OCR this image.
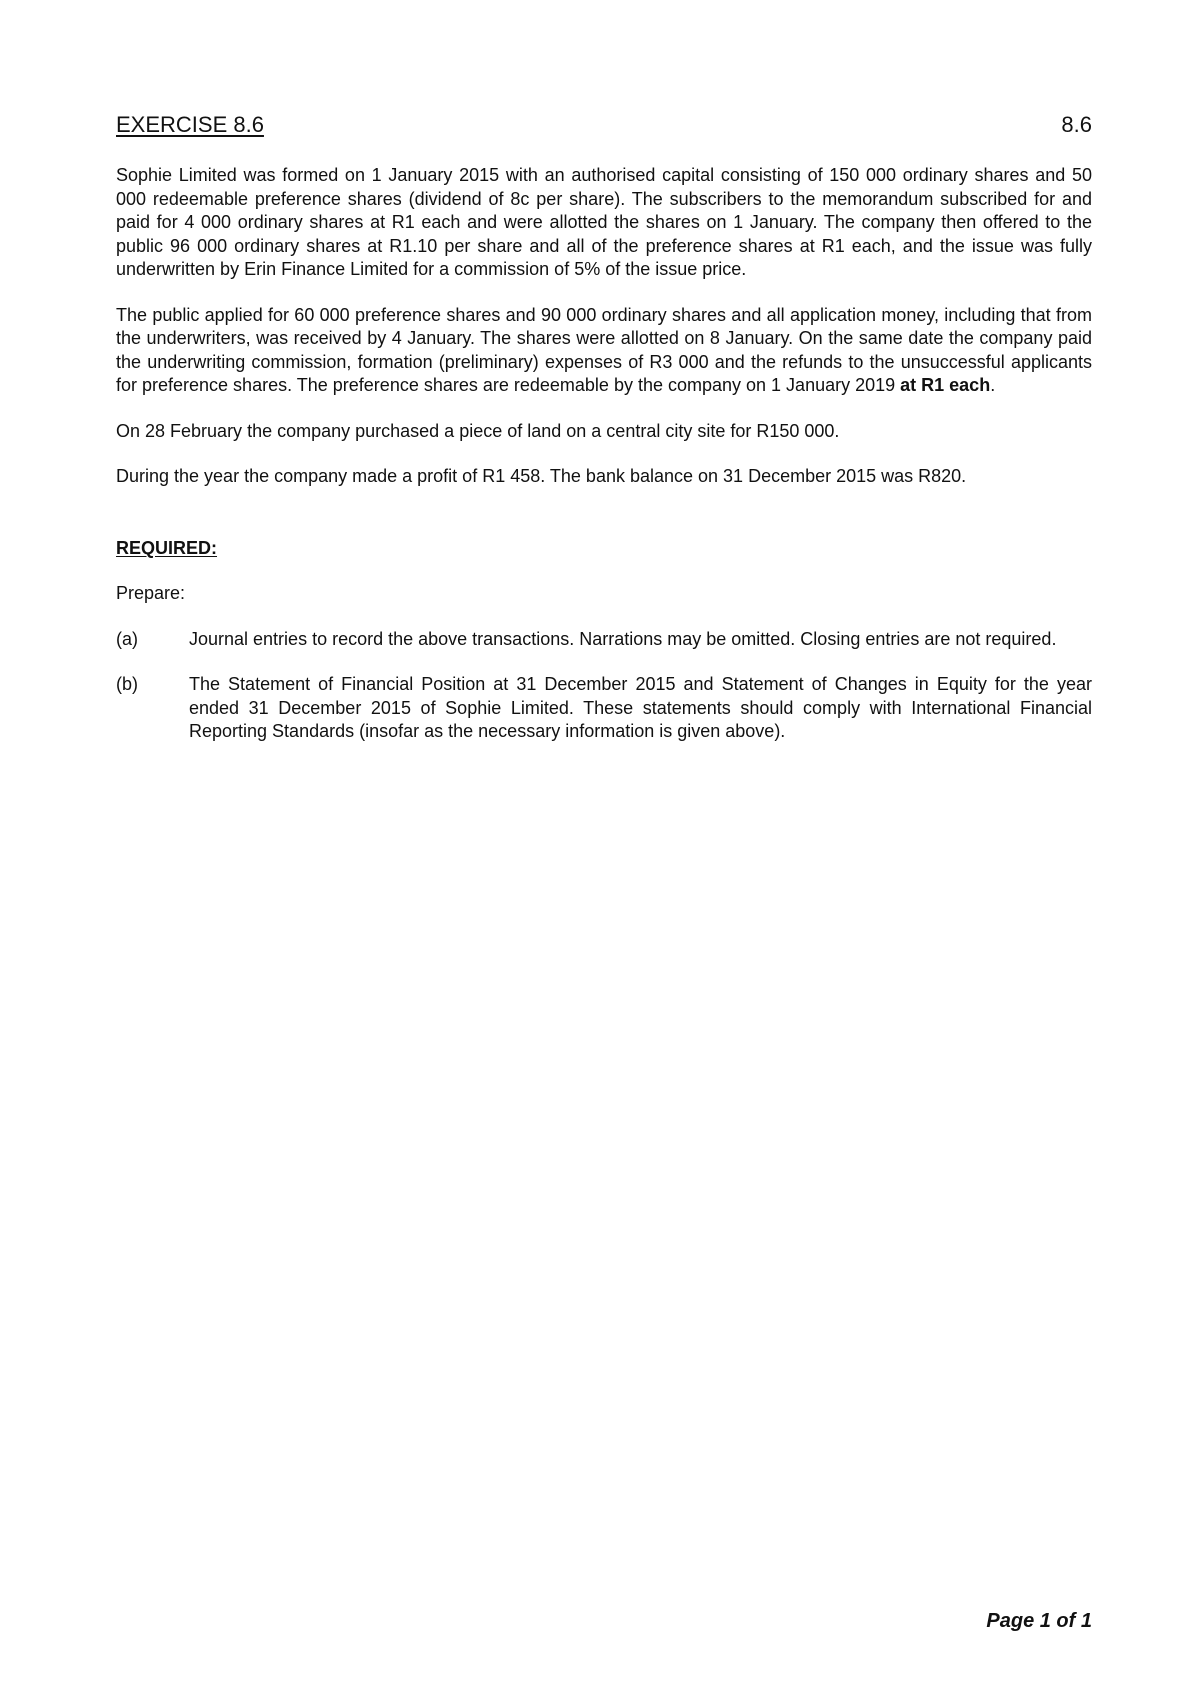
EXERCISE 8.6	8.6

Sophie Limited was formed on 1 January 2015 with an authorised capital consisting of 150 000 ordinary shares and 50 000 redeemable preference shares (dividend of 8c per share). The subscribers to the memorandum subscribed for and paid for 4 000 ordinary shares at R1 each and were allotted the shares on 1 January. The company then offered to the public 96 000 ordinary shares at R1.10 per share and all of the preference shares at R1 each, and the issue was fully underwritten by Erin Finance Limited for a commission of 5% of the issue price.

The public applied for 60 000 preference shares and 90 000 ordinary shares and all application money, including that from the underwriters, was received by 4 January. The shares were allotted on 8 January. On the same date the company paid the underwriting commission, formation (preliminary) expenses of R3 000 and the refunds to the unsuccessful applicants for preference shares. The preference shares are redeemable by the company on 1 January 2019 at R1 each.

On 28 February the company purchased a piece of land on a central city site for R150 000.

During the year the company made a profit of R1 458. The bank balance on 31 December 2015 was R820.

REQUIRED:

Prepare:

(a)	Journal entries to record the above transactions. Narrations may be omitted. Closing entries are not required.
(b)	The Statement of Financial Position at 31 December 2015 and Statement of Changes in Equity for the year ended 31 December 2015 of Sophie Limited. These statements should comply with International Financial Reporting Standards (insofar as the necessary information is given above).
Page 1 of 1
